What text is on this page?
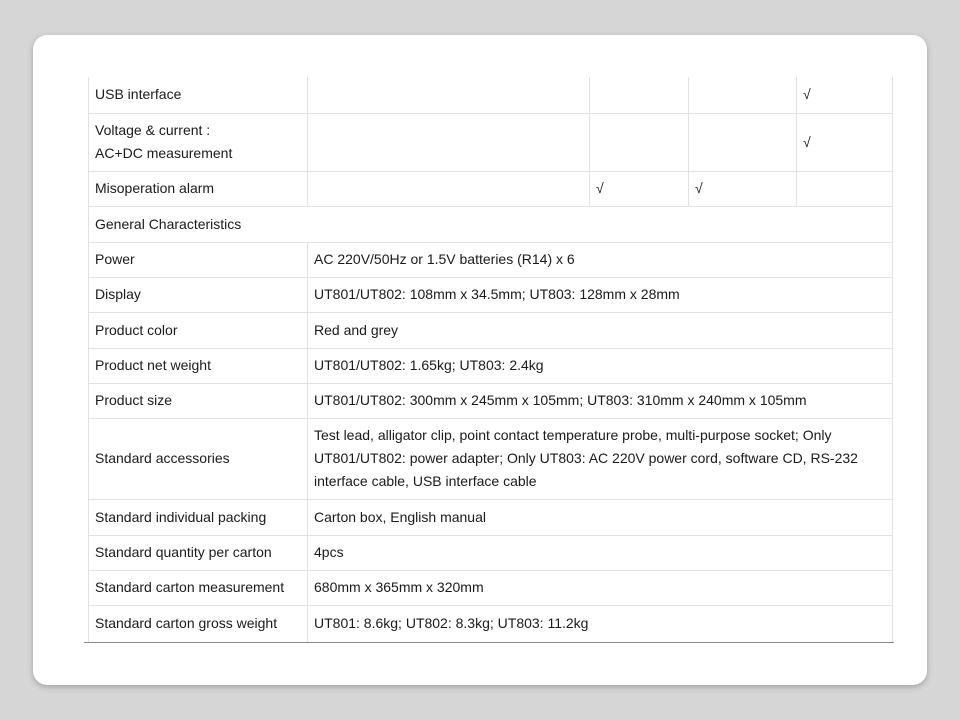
USB interface				√

Voltage & current :
AC+DC measurement				√
Misoperation alarm		√	√	
General Characteristics				
Power	AC 220V/50Hz or 1.5V batteries (R14) x 6			
Display	UT801/UT802: 108mm x 34.5mm; UT803: 128mm x 28mm			
Product color	Red and grey			
Product net weight	UT801/UT802: 1.65kg; UT803: 2.4kg			
Product size	UT801/UT802: 300mm x 245mm x 105mm; UT803: 310mm x 240mm x 105mm			
Standard accessories	Test lead, alligator clip, point contact temperature probe, multi-purpose socket; Only
UT801/UT802: power adapter; Only UT803: AC 220V power cord, software CD, RS-232
interface cable, USB interface cable			

Standard individual packing	Carton box, English manual			
Standard quantity per carton	4pcs			
Standard carton measurement	680mm x 365mm x 320mm			
Standard carton gross weight	UT801: 8.6kg; UT802: 8.3kg; UT803: 11.2kg			
